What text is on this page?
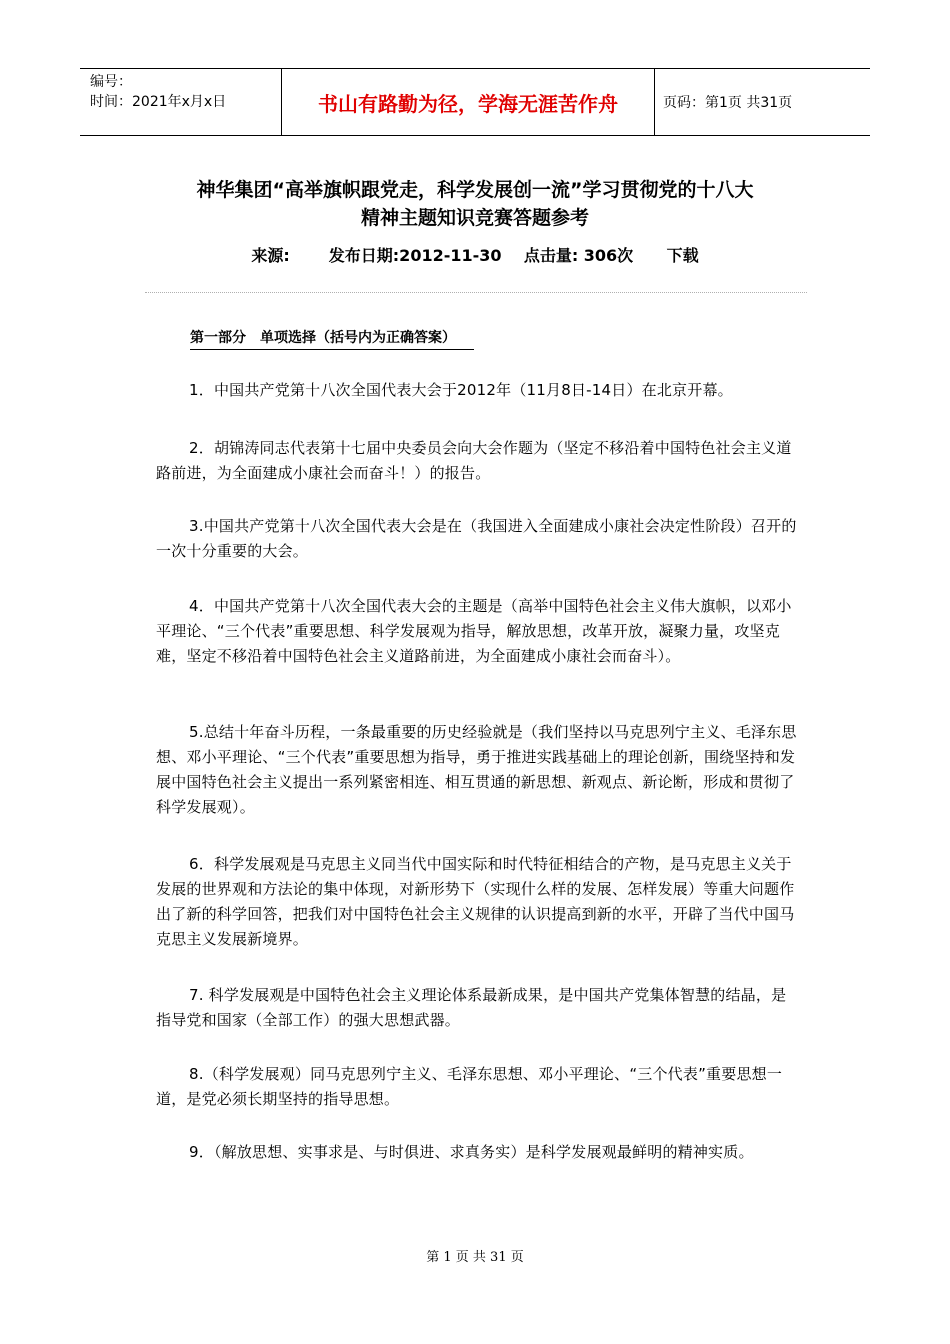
编号：
时间：2021年x月x日	书山有路勤为径，学海无涯苦作舟	页码：第1页 共31页
神华集团“高举旗帜跟党走，科学发展创一流”学习贯彻党的十八大
精神主题知识竞赛答题参考
来源: 发布日期:2012-11-30 点击量: 306次 下载
第一部分　单项选择（括号内为正确答案）
1．中国共产党第十八次全国代表大会于2012年（11月8日-14日）在北京开幕。
2．胡锦涛同志代表第十七届中央委员会向大会作题为（坚定不移沿着中国特色社会主义道路前进，为全面建成小康社会而奋斗！）的报告。
3.中国共产党第十八次全国代表大会是在（我国进入全面建成小康社会决定性阶段）召开的一次十分重要的大会。
4．中国共产党第十八次全国代表大会的主题是（高举中国特色社会主义伟大旗帜，以邓小平理论、“三个代表”重要思想、科学发展观为指导，解放思想，改革开放，凝聚力量，攻坚克难，坚定不移沿着中国特色社会主义道路前进，为全面建成小康社会而奋斗）。
5.总结十年奋斗历程，一条最重要的历史经验就是（我们坚持以马克思列宁主义、毛泽东思想、邓小平理论、“三个代表”重要思想为指导，勇于推进实践基础上的理论创新，围绕坚持和发展中国特色社会主义提出一系列紧密相连、相互贯通的新思想、新观点、新论断，形成和贯彻了科学发展观）。
6．科学发展观是马克思主义同当代中国实际和时代特征相结合的产物，是马克思主义关于发展的世界观和方法论的集中体现，对新形势下（实现什么样的发展、怎样发展）等重大问题作出了新的科学回答，把我们对中国特色社会主义规律的认识提高到新的水平，开辟了当代中国马克思主义发展新境界。
7. 科学发展观是中国特色社会主义理论体系最新成果，是中国共产党集体智慧的结晶，是指导党和国家（全部工作）的强大思想武器。
8.（科学发展观）同马克思列宁主义、毛泽东思想、邓小平理论、“三个代表”重要思想一道，是党必须长期坚持的指导思想。
9．（解放思想、实事求是、与时俱进、求真务实）是科学发展观最鲜明的精神实质。
第 1 页 共 31 页
